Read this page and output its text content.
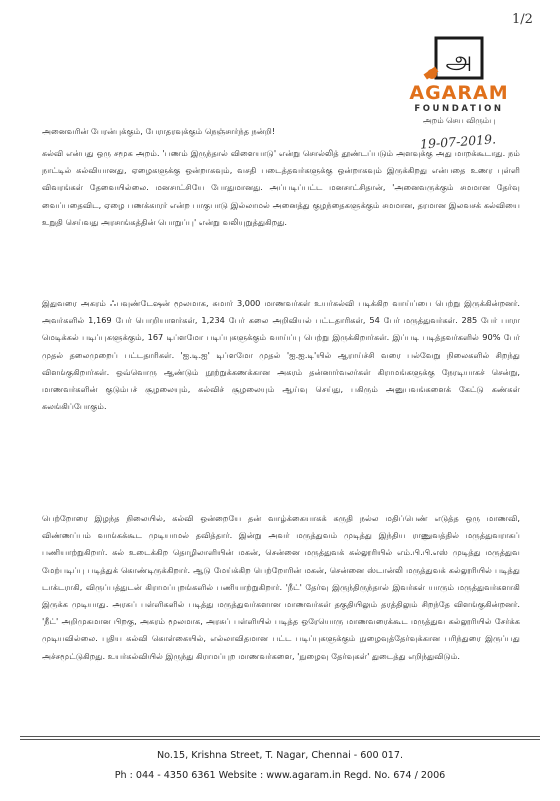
1/2
அ
AGARAM
FOUNDATION
அறம் செய விரும்பு
19-07-2019.
அனைவரின் பேரன்புக்கும், பேராதரவுக்கும் நெஞ்சார்ந்த நன்றி!
கல்வி என்பது ஒரு சமூக அறம். 'பணம் இருந்தால் விளையாடு' என்று சொல்லித் தூண்டப்படும் அளவுக்கு அது மாறக்கூடாது. நம் நாட்டில் கல்வியானது, ஏழைகளுக்கு ஒன்றாகவும், வசதி படைத்தவர்களுக்கு ஒன்றாகவும் இருக்கிறது என்பதை உணர புள்ளி விவரங்கள் தேவையில்லை. மனசாட்சியே போதுமானது. அப்படிப்பட்ட மனசாட்சிதான், 'அனைவருக்கும் சமமான தேர்வு வைப்பதைவிட, ஏழை பணக்காரர் என்ற பாகுபாடு இல்லாமல் அனைத்து குழந்தைகளுக்கும் சமமான, தரமான இலவசக் கல்வியை உறுதி செய்வது அரசாங்கத்தின் பொறுப்பு' என்று வலியுறுத்துகிறது.
இதுவரை அகரம் ஃபவுண்டேஷன் மூலமாக, சுமார் 3,000 மாணவர்கள் உயர்கல்வி படிக்கிற வாய்ப்பை பெற்று இருக்கின்றனர். அவர்களில் 1,169 பேர் பொறியாளர்கள், 1,234 பேர் கலை அறிவியல் பட்டதாரிகள், 54 பேர் மருத்துவர்கள். 285 பேர் பாரா மெடிக்கல் படிப்புகளுக்கும், 167 டிப்ளமோ படிப்புகளுக்கும் வாய்ப்பு பெற்று இருக்கிறார்கள். இப்படி படித்தவர்களில் 90% பேர் முதல் தலைமுறைப் பட்டதாரிகள். 'ஐ.டி.ஐ' டிப்ளமோ முதல் 'ஐ.ஐ.டி'யில் ஆராய்ச்சி வரை பல்வேறு நிலைகளில் சிறந்து விளங்குகிறார்கள். ஒவ்வொரு ஆண்டும் நூற்றுக்கணக்கான அகரம் தன்னார்வலர்கள் கிராமங்களுக்கு நேரடியாகச் சென்று, மாணவர்களின் குடும்பச் சூழலையும், கல்விச் சூழலையும் ஆய்வு செய்து, பகிரும் அனுபவங்களைக் கேட்டு கண்கள் கலங்கிப்போகும்.
பெற்றோரை இழந்த நிலையில், கல்வி ஒன்றையே தன் வாழ்க்கையாகக் கருதி நல்ல மதிப்பெண் எடுத்த ஒரு மாணவி, விண்ணப்பம் வாங்கக்கூட முடியாமல் தவித்தார். இன்று அவர் மருத்துவம் முடித்து இந்திய ராணுவத்தில் மருத்துவராகப் பணியாற்றுகிறார். கல் உடைக்கிற தொழிலாளியின் மகன், சென்னை மருத்துவக் கல்லூரியில் எம்.பி.பி.எஸ் முடித்து மருத்துவ மேற்படிப்பு படித்துக் கொண்டிருக்கிறார். ஆடு மேய்க்கிற பெற்றோரின் மகன், சென்னை ஸ்டான்லி மருத்துவக் கல்லூரியில் படித்து டாக்டராகி, விருப்பத்துடன் கிராமப்புறங்களில் பணியாற்றுகிறார். 'நீட்' தேர்வு இருந்திருந்தால் இவர்கள் யாரும் மருத்துவர்களாகி இருக்க முடியாது. அரசுப் பள்ளிகளில் படித்து மருத்துவர்களான மாணவர்கள் தகுதியிலும் தரத்திலும் சிறந்தே விளங்குகின்றனர். 'நீட்' அறிமுகமான பிறகு, அகரம் மூலமாக, அரசுப் பள்ளியில் படித்த ஒரேயொரு மாணவரைக்கூட மருத்துவ கல்லூரியில் சேர்க்க முடியவில்லை. புதிய கல்வி கொள்கையில், எல்லாவிதமான பட்ட படிப்புகளுக்கும் நுழைவுத்தேர்வுக்கான பரிந்துரை இருப்பது அச்சமூட்டுகிறது. உயர்கல்வியில் இருந்து கிராமப்புற மாணவர்களை, 'நுழைவு தேர்வுகள்' துடைத்து எறிந்துவிடும்.
No.15, Krishna Street, T. Nagar, Chennai - 600 017.
Ph : 044 - 4350 6361 Website : www.agaram.in Regd. No. 674 / 2006
